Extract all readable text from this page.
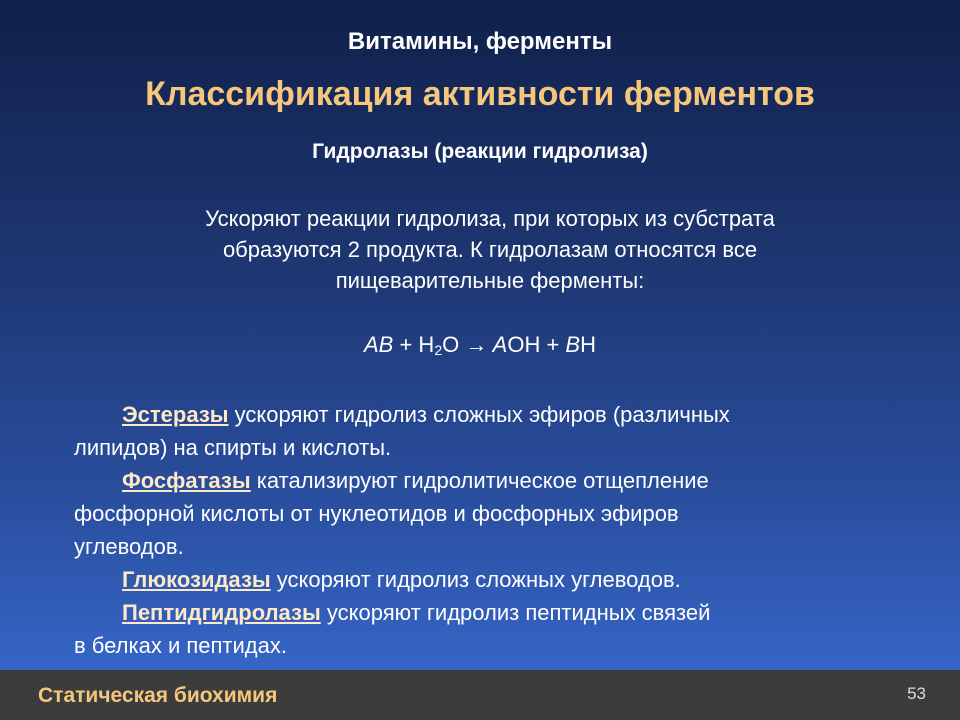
Витамины, ферменты
Классификация активности ферментов
Гидролазы (реакции гидролиза)
Ускоряют реакции гидролиза, при которых из субстрата
образуются 2 продукта. К гидролазам относятся все
пищеварительные ферменты:
AB + $H_2O$ → AOH + BH
Эстеразы ускоряют гидролиз сложных эфиров (различных
липидов) на спирты и кислоты.
Фосфатазы катализируют гидролитическое отщепление
фосфорной кислоты от нуклеотидов и фосфорных эфиров
углеводов.
Глюкозидазы ускоряют гидролиз сложных углеводов.
Пептидгидролазы ускоряют гидролиз пептидных связей
в белках и пептидах.
Статическая биохимия	53
